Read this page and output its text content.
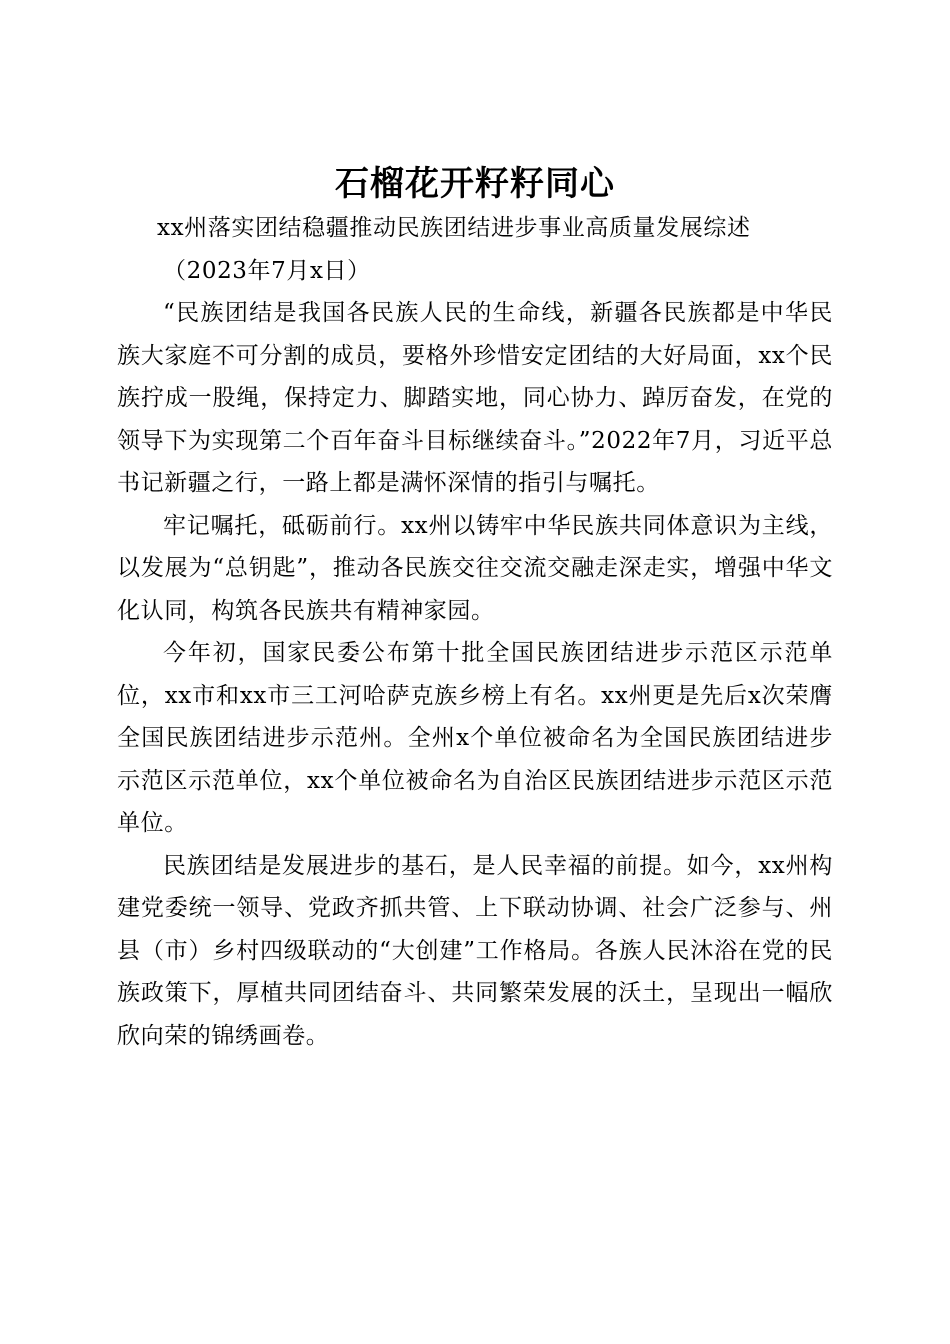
石榴花开籽籽同心

xx州落实团结稳疆推动民族团结进步事业高质量发展综述

（2023年7月x日）

“民族团结是我国各民族人民的生命线，新疆各民族都是中华民族大家庭不可分割的成员，要格外珍惜安定团结的大好局面，xx个民族拧成一股绳，保持定力、脚踏实地，同心协力、踔厉奋发，在党的领导下为实现第二个百年奋斗目标继续奋斗。”2022年7月，习近平总书记新疆之行，一路上都是满怀深情的指引与嘱托。

牢记嘱托，砥砺前行。xx州以铸牢中华民族共同体意识为主线，以发展为“总钥匙”，推动各民族交往交流交融走深走实，增强中华文化认同，构筑各民族共有精神家园。

今年初，国家民委公布第十批全国民族团结进步示范区示范单位，xx市和xx市三工河哈萨克族乡榜上有名。xx州更是先后x次荣膺全国民族团结进步示范州。全州x个单位被命名为全国民族团结进步示范区示范单位，xx个单位被命名为自治区民族团结进步示范区示范单位。

民族团结是发展进步的基石，是人民幸福的前提。如今，xx州构建党委统一领导、党政齐抓共管、上下联动协调、社会广泛参与、州县（市）乡村四级联动的“大创建”工作格局。各族人民沐浴在党的民族政策下，厚植共同团结奋斗、共同繁荣发展的沃土，呈现出一幅欣欣向荣的锦绣画卷。
